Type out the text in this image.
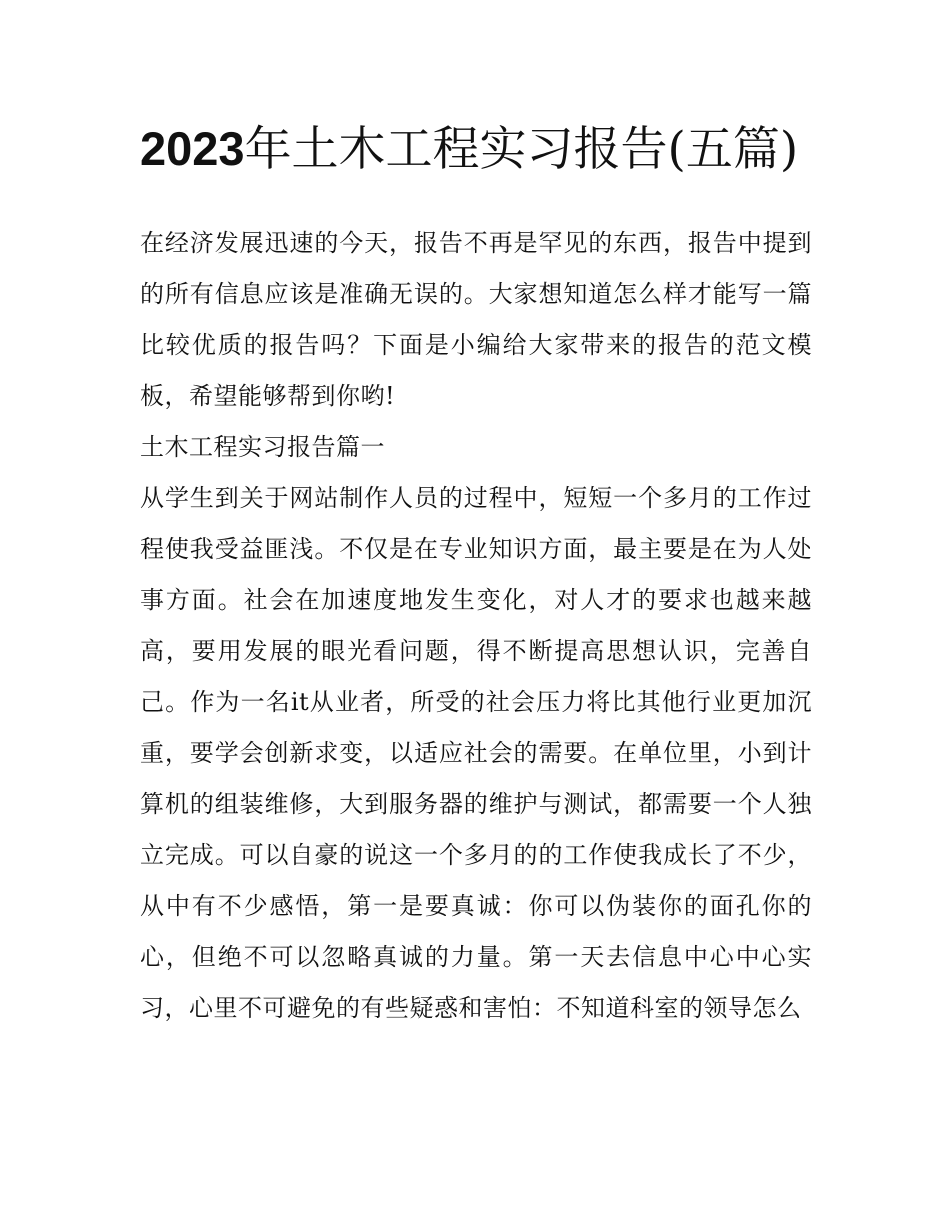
2023年土木工程实习报告(五篇)

在经济发展迅速的今天，报告不再是罕见的东西，报告中提到的所有信息应该是准确无误的。大家想知道怎么样才能写一篇比较优质的报告吗？下面是小编给大家带来的报告的范文模板，希望能够帮到你哟!

土木工程实习报告篇一

从学生到关于网站制作人员的过程中，短短一个多月的工作过程使我受益匪浅。不仅是在专业知识方面，最主要是在为人处事方面。社会在加速度地发生变化，对人才的要求也越来越高，要用发展的眼光看问题，得不断提高思想认识，完善自己。作为一名it从业者，所受的社会压力将比其他行业更加沉重，要学会创新求变，以适应社会的需要。在单位里，小到计算机的组装维修，大到服务器的维护与测试，都需要一个人独立完成。可以自豪的说这一个多月的的工作使我成长了不少，从中有不少感悟，第一是要真诚：你可以伪装你的面孔你的心，但绝不可以忽略真诚的力量。第一天去信息中心中心实习，心里不可避免的有些疑惑和害怕：不知道科室的领导怎么
